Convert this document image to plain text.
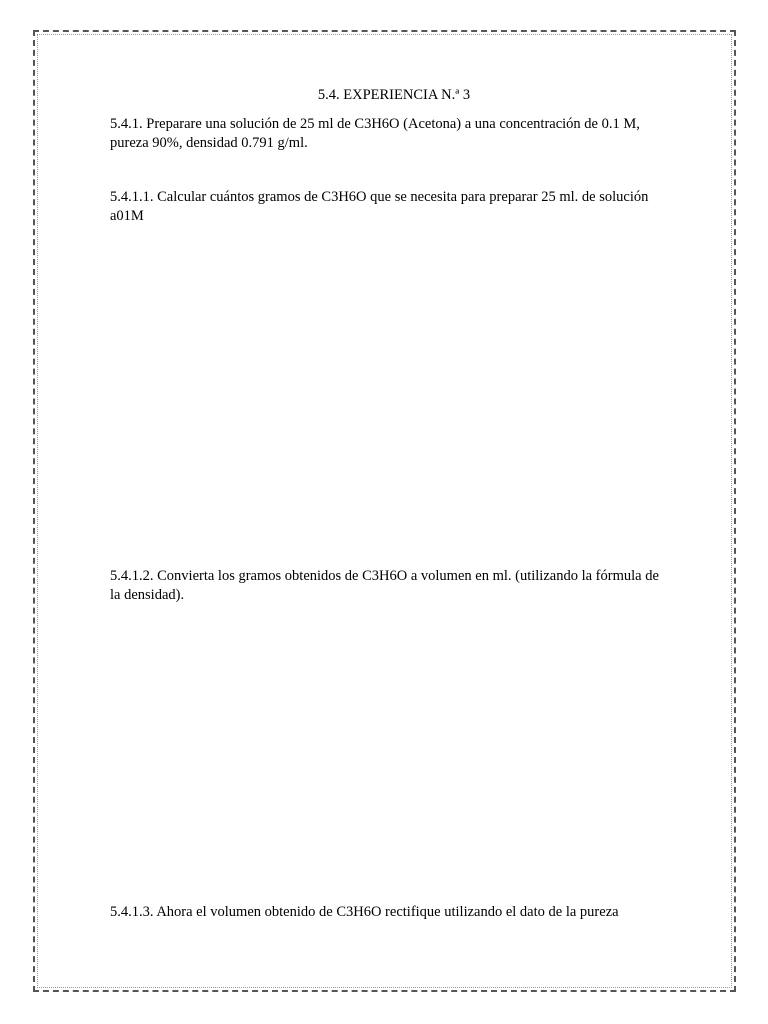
5.4. EXPERIENCIA N.ª 3

5.4.1. Preparare una solución de 25 ml de C3H6O (Acetona) a una concentración de 0.1 M, pureza 90%, densidad 0.791 g/ml.

5.4.1.1. Calcular cuántos gramos de C3H6O que se necesita para preparar 25 ml. de solución a01M

5.4.1.2. Convierta los gramos obtenidos de C3H6O a volumen en ml. (utilizando la fórmula de la densidad).

5.4.1.3. Ahora el volumen obtenido de C3H6O rectifique utilizando el dato de la pureza
